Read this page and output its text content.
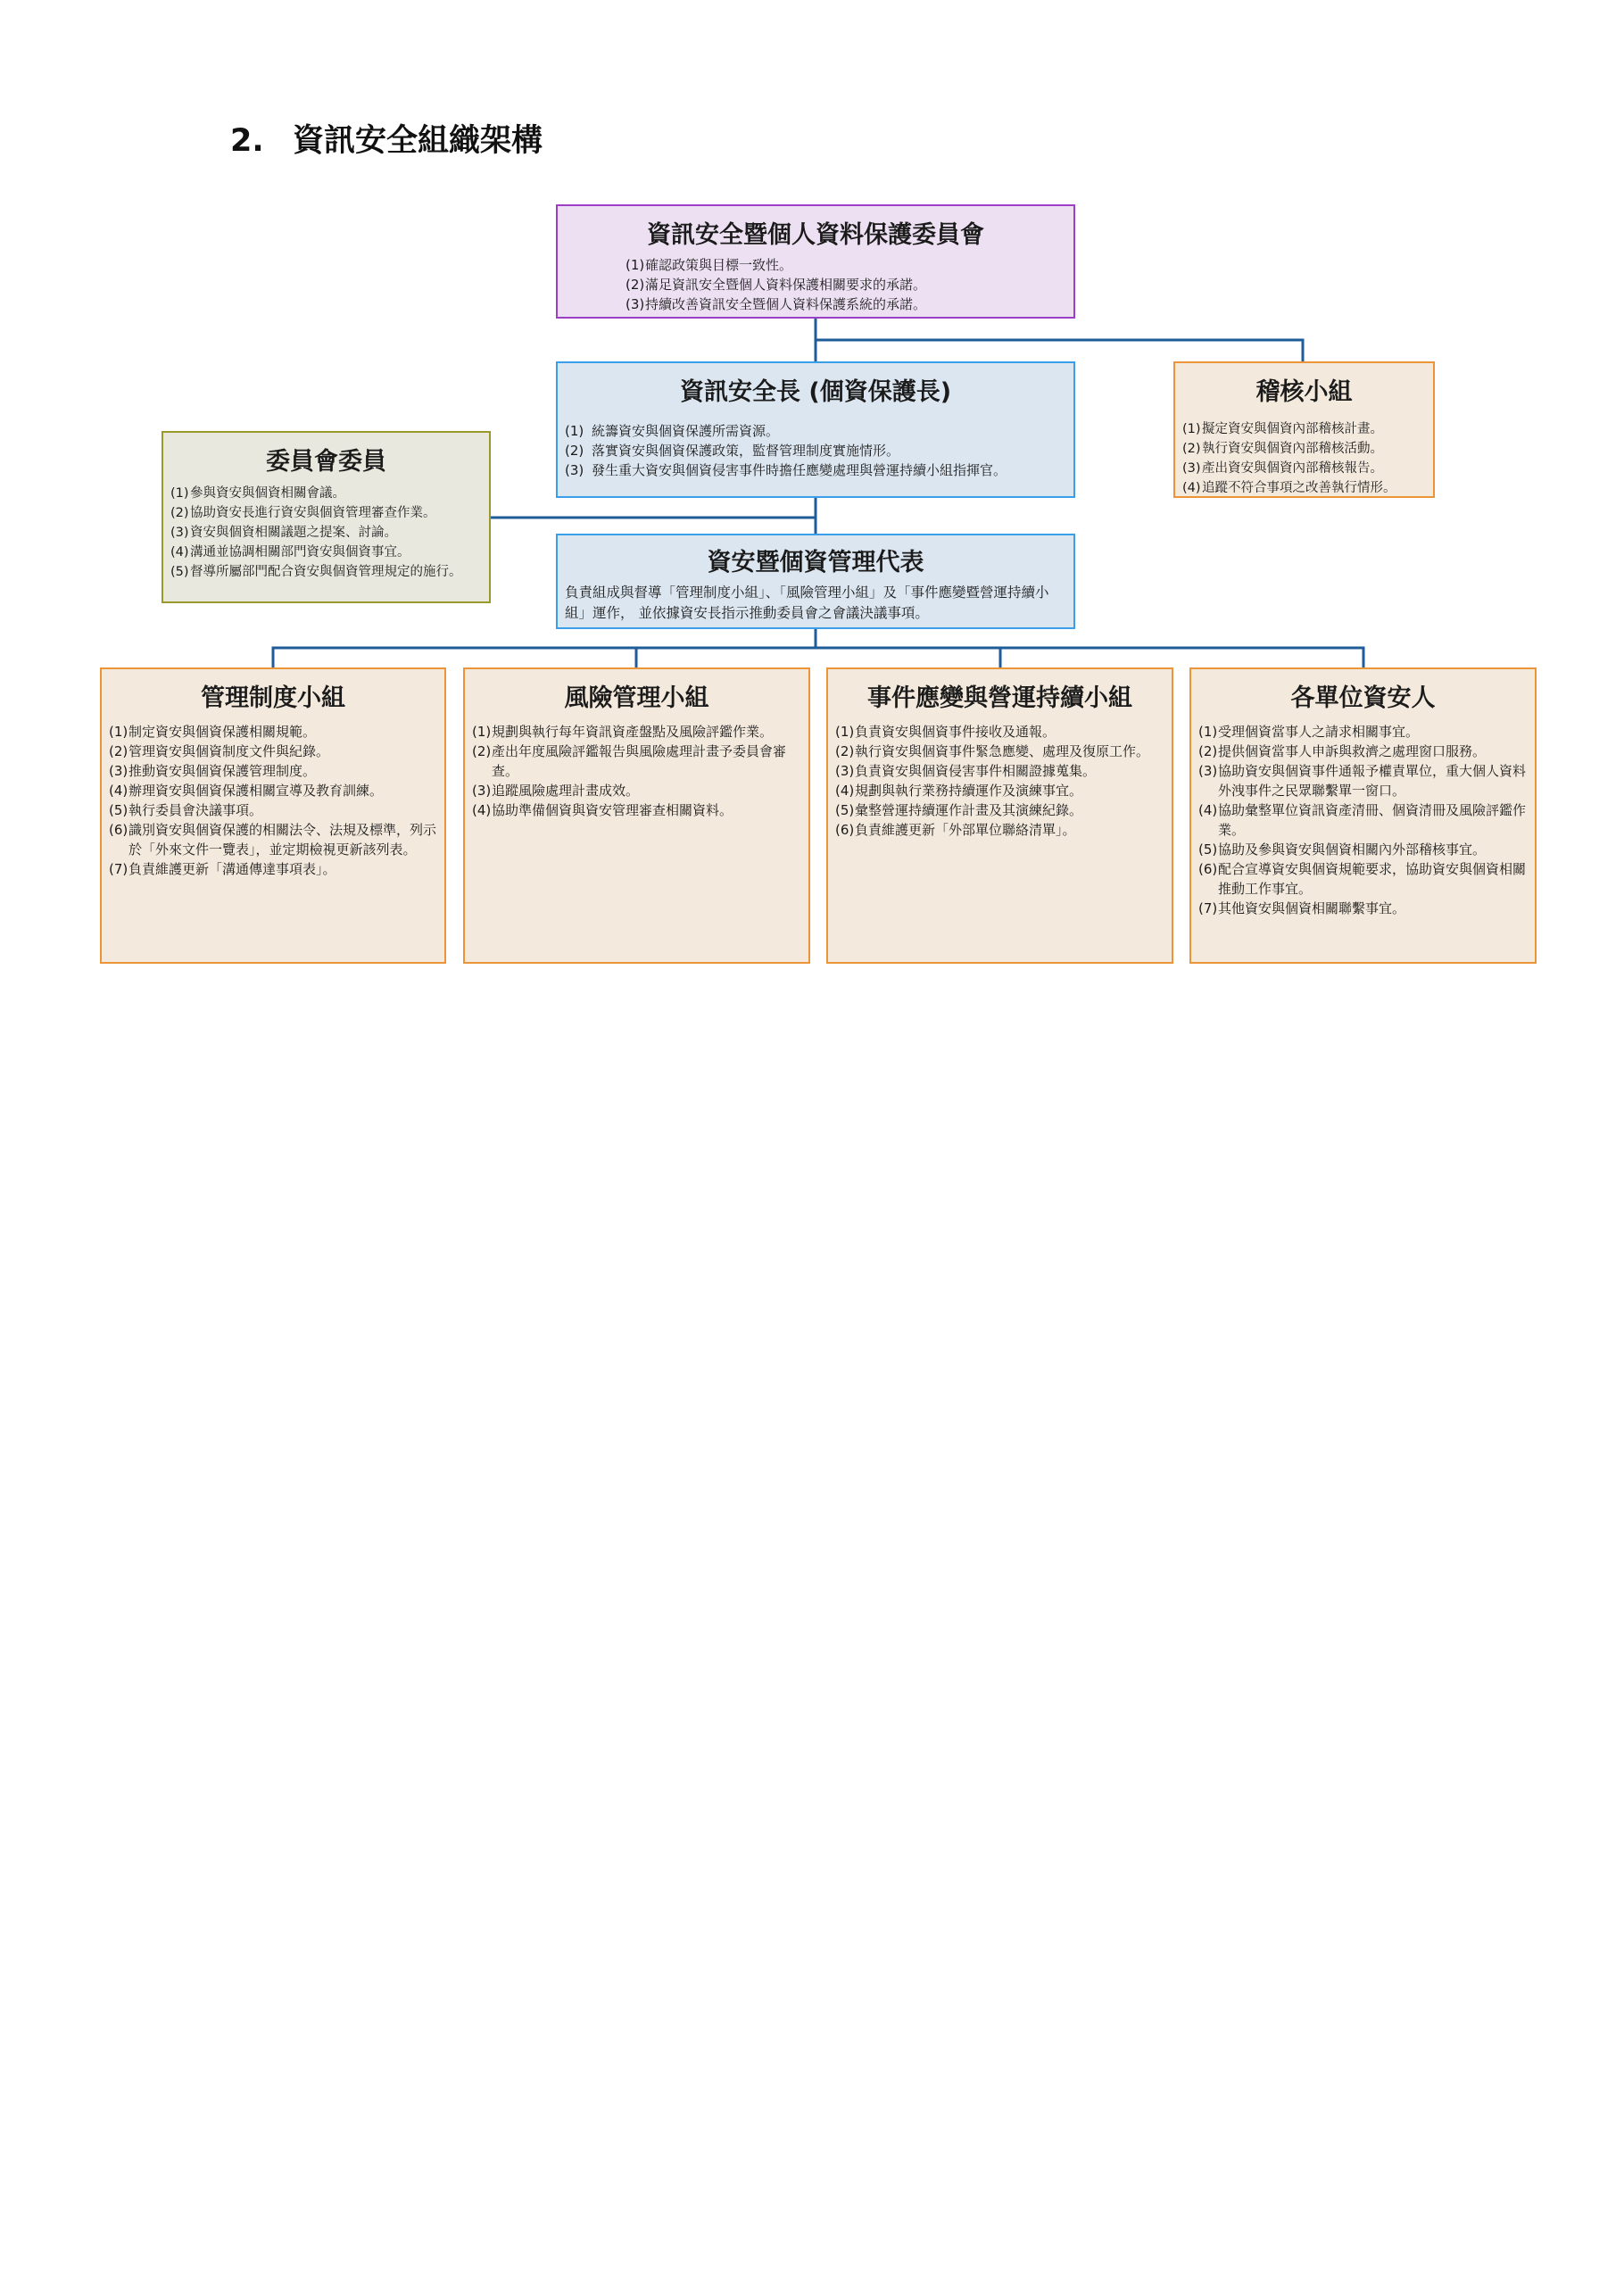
2. 資訊安全組織架構
資訊安全暨個人資料保護委員會
(1)確認政策與目標一致性。
(2)滿足資訊安全暨個人資料保護相關要求的承諾。
(3)持續改善資訊安全暨個人資料保護系統的承諾。
資訊安全長 (個資保護長)
(1) 統籌資安與個資保護所需資源。
(2) 落實資安與個資保護政策，監督管理制度實施情形。
(3) 發生重大資安與個資侵害事件時擔任應變處理與營運持續小組指揮官。
稽核小組
(1)擬定資安與個資內部稽核計畫。
(2)執行資安與個資內部稽核活動。
(3)產出資安與個資內部稽核報告。
(4)追蹤不符合事項之改善執行情形。
委員會委員
(1)參與資安與個資相關會議。
(2)協助資安長進行資安與個資管理審查作業。
(3)資安與個資相關議題之提案、討論。
(4)溝通並協調相關部門資安與個資事宜。
(5)督導所屬部門配合資安與個資管理規定的施行。	資安暨個資管理代表

負責組成與督導「管理制度小組」、「風險管理小組」及「事件應變暨營運持續小組」運作， 並依據資安長指示推動委員會之會議決議事項。

管理制度小組
(1)制定資安與個資保護相關規範。
(2)管理資安與個資制度文件與紀錄。
(3)推動資安與個資保護管理制度。
(4)辦理資安與個資保護相關宣導及教育訓練。
(5)執行委員會決議事項。
(6)識別資安與個資保護的相關法令、法規及標準，列示於「外來文件一覽表」，並定期檢視更新該列表。
(7)負責維護更新「溝通傳達事項表」。
風險管理小組
(1)規劃與執行每年資訊資產盤點及風險評鑑作業。
(2)產出年度風險評鑑報告與風險處理計畫予委員會審查。
(3)追蹤風險處理計畫成效。
(4)協助準備個資與資安管理審查相關資料。
事件應變與營運持續小組
(1)負責資安與個資事件接收及通報。
(2)執行資安與個資事件緊急應變、處理及復原工作。
(3)負責資安與個資侵害事件相關證據蒐集。
(4)規劃與執行業務持續運作及演練事宜。
(5)彙整營運持續運作計畫及其演練紀錄。
(6)負責維護更新「外部單位聯絡清單」。
各單位資安人
(1)受理個資當事人之請求相關事宜。
(2)提供個資當事人申訴與救濟之處理窗口服務。
(3)協助資安與個資事件通報予權責單位，重大個人資料外洩事件之民眾聯繫單一窗口。
(4)協助彙整單位資訊資產清冊、個資清冊及風險評鑑作業。
(5)協助及參與資安與個資相關內外部稽核事宜。
(6)配合宣導資安與個資規範要求，協助資安與個資相關推動工作事宜。
(7)其他資安與個資相關聯繫事宜。
